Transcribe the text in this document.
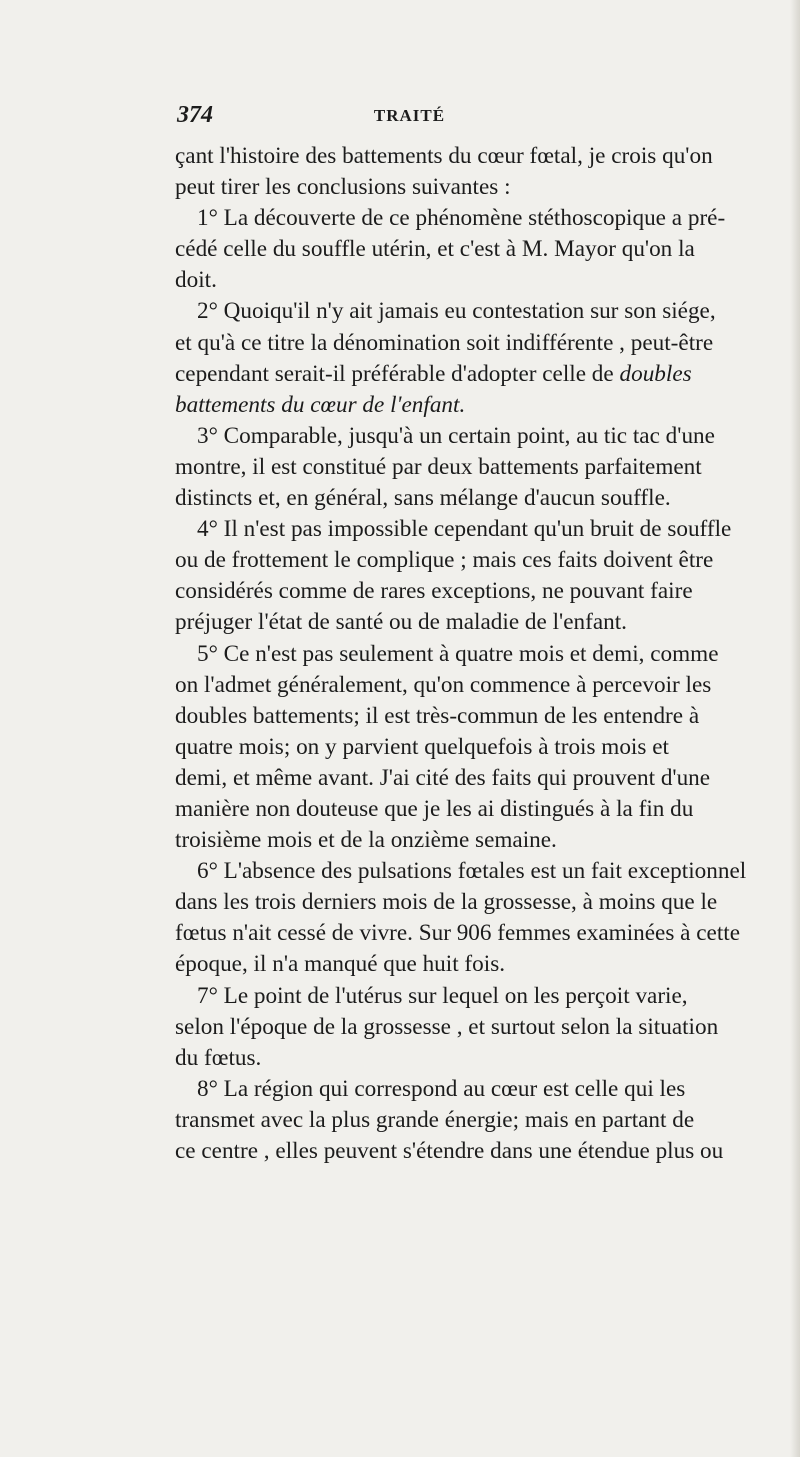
374	TRAITÉ
çant l'histoire des battements du cœur fœtal, je crois qu'on
peut tirer les conclusions suivantes :
1° La découverte de ce phénomène stéthoscopique a pré-
cédé celle du souffle utérin, et c'est à M. Mayor qu'on la
doit.
2° Quoiqu'il n'y ait jamais eu contestation sur son siége,
et qu'à ce titre la dénomination soit indifférente , peut-être
cependant serait-il préférable d'adopter celle de doubles
battements du cœur de l'enfant.
3° Comparable, jusqu'à un certain point, au tic tac d'une
montre, il est constitué par deux battements parfaitement
distincts et, en général, sans mélange d'aucun souffle.
4° Il n'est pas impossible cependant qu'un bruit de souffle
ou de frottement le complique ; mais ces faits doivent être
considérés comme de rares exceptions, ne pouvant faire
préjuger l'état de santé ou de maladie de l'enfant.
5° Ce n'est pas seulement à quatre mois et demi, comme
on l'admet généralement, qu'on commence à percevoir les
doubles battements; il est très-commun de les entendre à
quatre mois; on y parvient quelquefois à trois mois et
demi, et même avant. J'ai cité des faits qui prouvent d'une
manière non douteuse que je les ai distingués à la fin du
troisième mois et de la onzième semaine.
6° L'absence des pulsations fœtales est un fait exceptionnel
dans les trois derniers mois de la grossesse, à moins que le
fœtus n'ait cessé de vivre. Sur 906 femmes examinées à cette
époque, il n'a manqué que huit fois.
7° Le point de l'utérus sur lequel on les perçoit varie,
selon l'époque de la grossesse , et surtout selon la situation
du fœtus.
8° La région qui correspond au cœur est celle qui les
transmet avec la plus grande énergie; mais en partant de
ce centre , elles peuvent s'étendre dans une étendue plus ou
